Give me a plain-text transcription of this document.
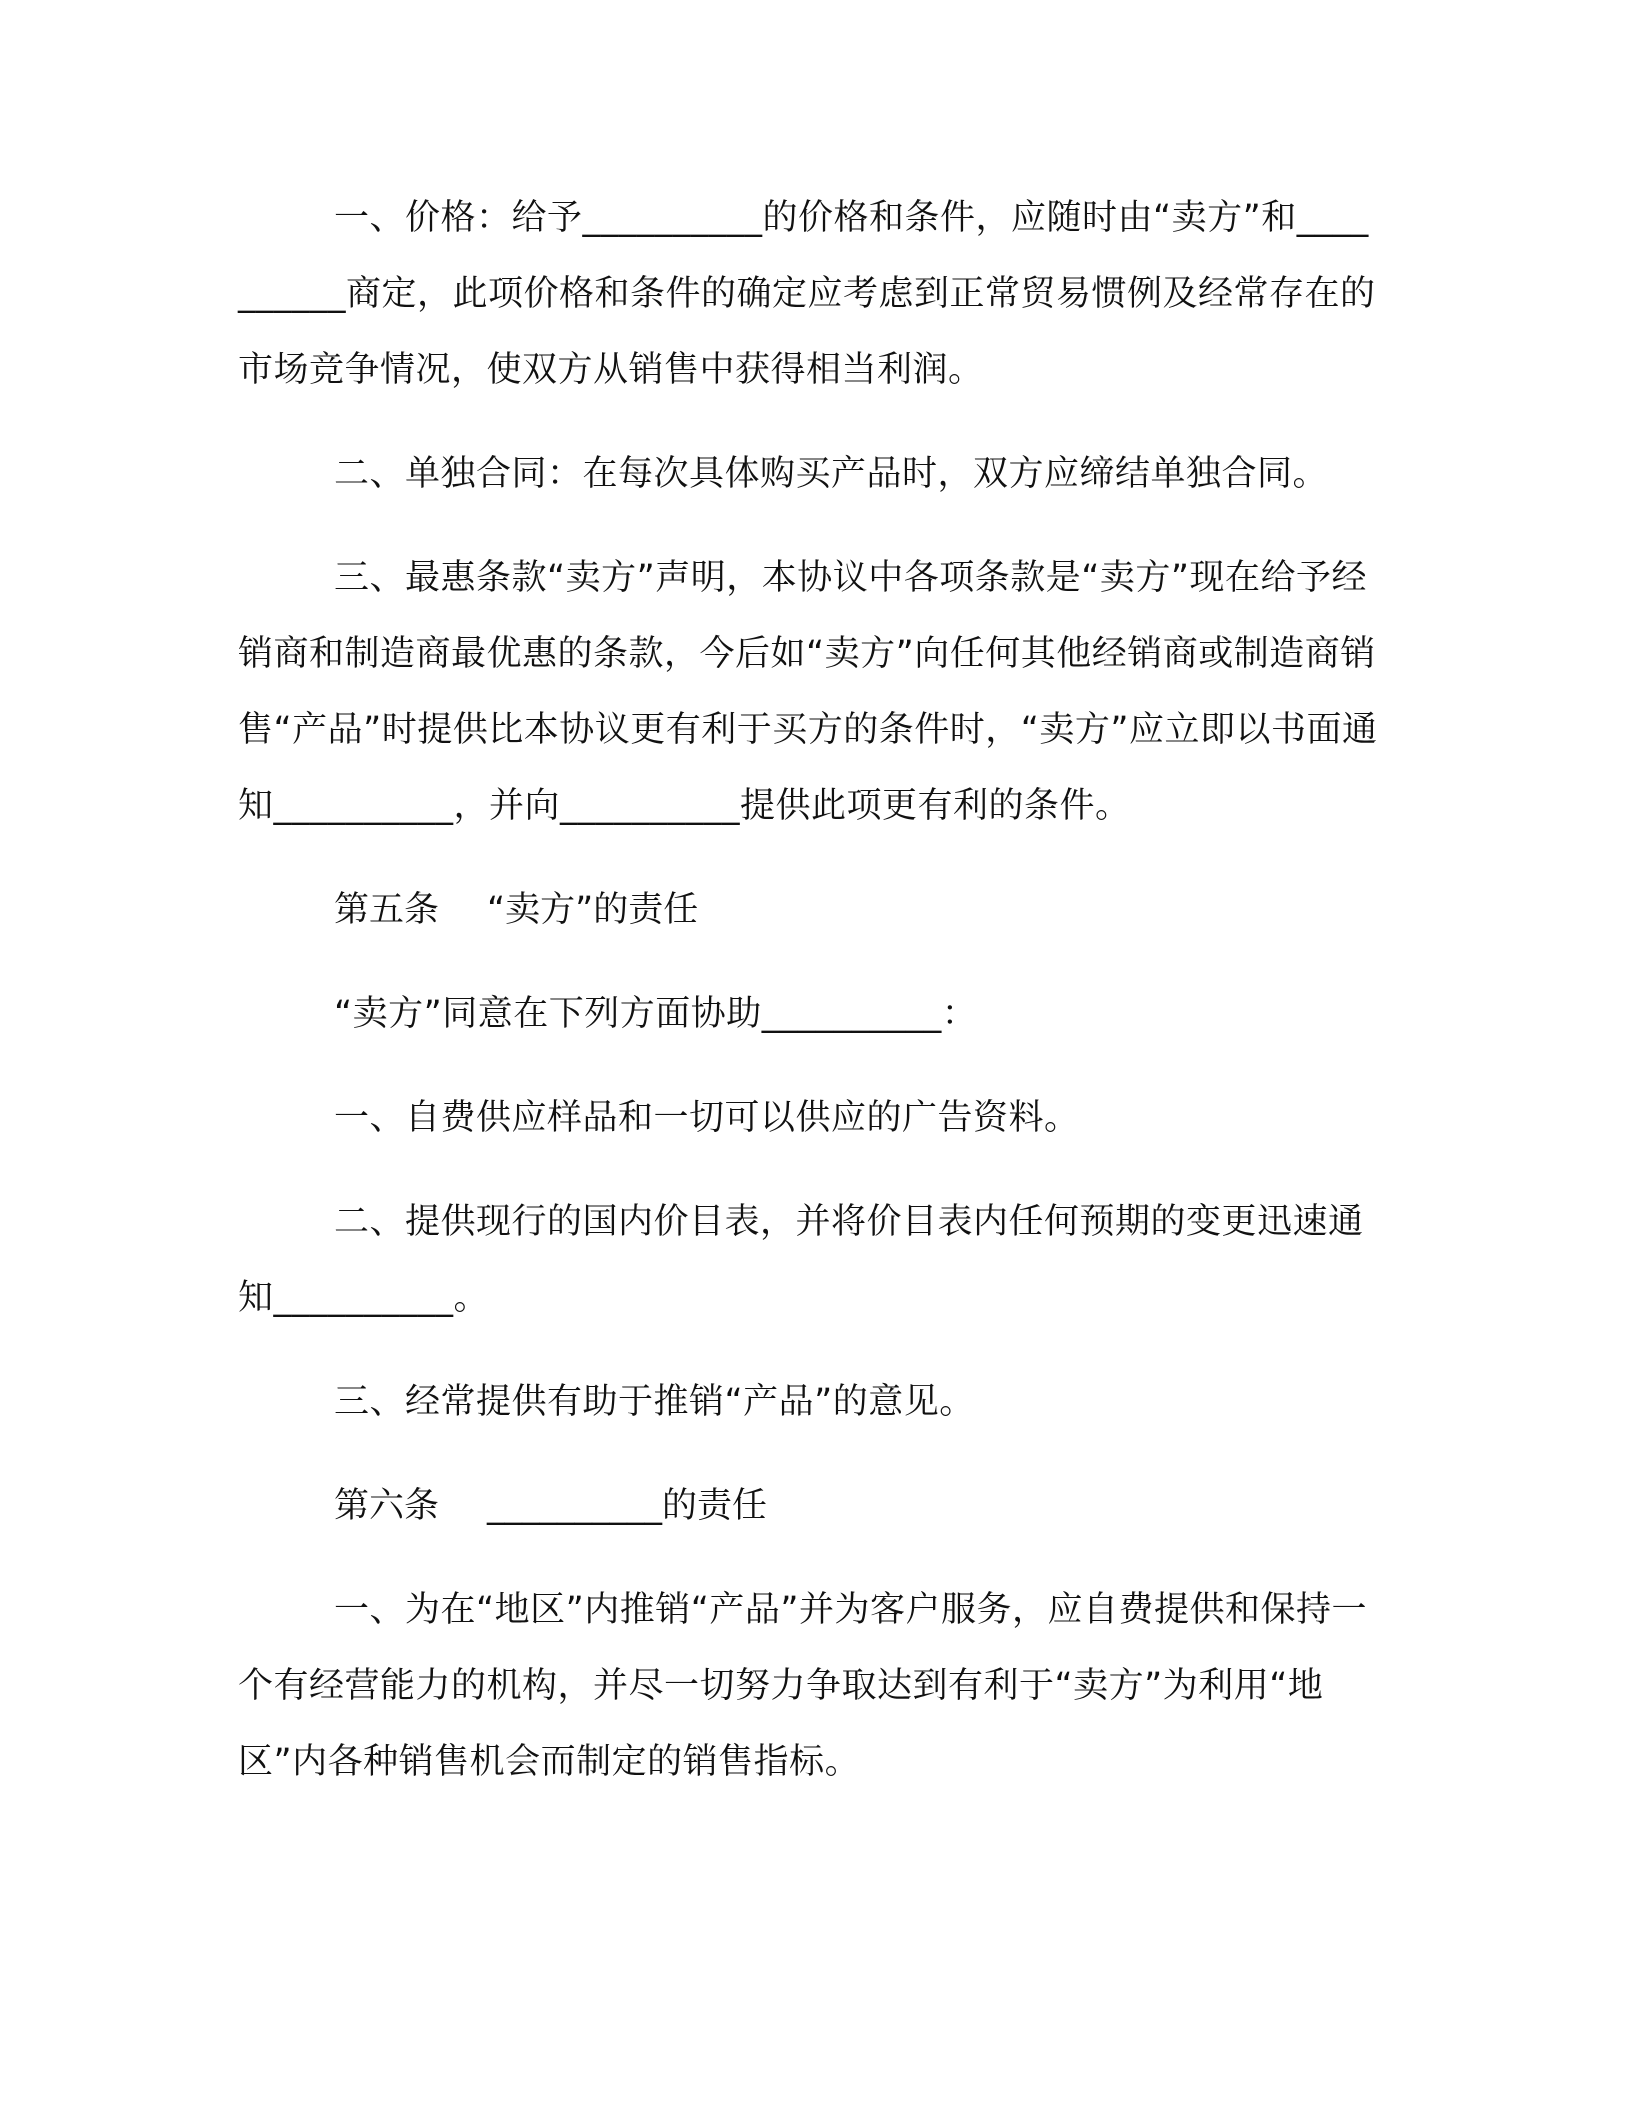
一、价格：给予__________的价格和条件，应随时由“卖方”和__________商定，此项价格和条件的确定应考虑到正常贸易惯例及经常存在的市场竞争情况，使双方从销售中获得相当利润。

二、单独合同：在每次具体购买产品时，双方应缔结单独合同。

三、最惠条款“卖方”声明，本协议中各项条款是“卖方”现在给予经销商和制造商最优惠的条款，今后如“卖方”向任何其他经销商或制造商销售“产品”时提供比本协议更有利于买方的条件时，“卖方”应立即以书面通知__________，并向__________提供此项更有利的条件。

第五条 “卖方”的责任

“卖方”同意在下列方面协助__________：

一、自费供应样品和一切可以供应的广告资料。

二、提供现行的国内价目表，并将价目表内任何预期的变更迅速通知__________。

三、经常提供有助于推销“产品”的意见。

第六条 __________的责任

一、为在“地区”内推销“产品”并为客户服务，应自费提供和保持一个有经营能力的机构，并尽一切努力争取达到有利于“卖方”为利用“地区”内各种销售机会而制定的销售指标。
